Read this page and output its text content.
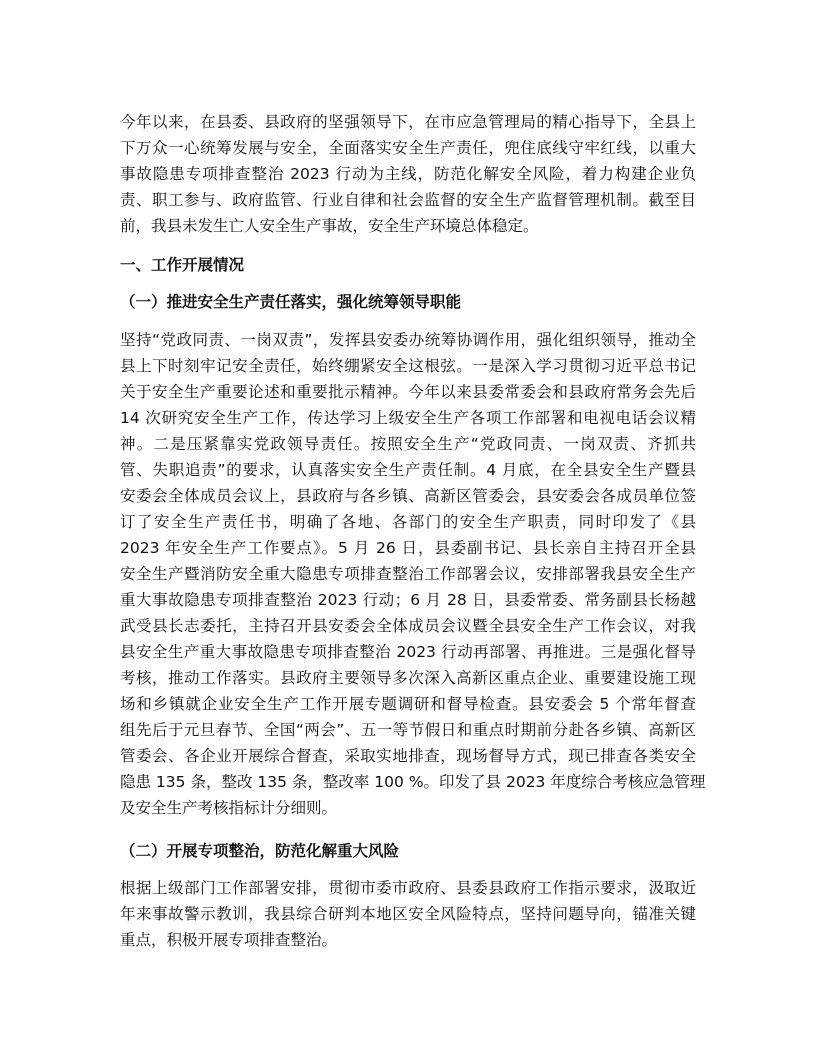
今年以来，在县委、县政府的坚强领导下，在市应急管理局的精心指导下，全县上
下万众一心统筹发展与安全，全面落实安全生产责任，兜住底线守牢红线，以重大
事故隐患专项排查整治 2023 行动为主线，防范化解安全风险，着力构建企业负
责、职工参与、政府监管、行业自律和社会监督的安全生产监督管理机制。截至目
前，我县未发生亡人安全生产事故，安全生产环境总体稳定。
一、工作开展情况
（一）推进安全生产责任落实，强化统筹领导职能
坚持“党政同责、一岗双责”，发挥县安委办统筹协调作用，强化组织领导，推动全
县上下时刻牢记安全责任，始终绷紧安全这根弦。一是深入学习贯彻习近平总书记
关于安全生产重要论述和重要批示精神。今年以来县委常委会和县政府常务会先后
14 次研究安全生产工作，传达学习上级安全生产各项工作部署和电视电话会议精
神。二是压紧靠实党政领导责任。按照安全生产“党政同责、一岗双责、齐抓共
管、失职追责”的要求，认真落实安全生产责任制。4 月底，在全县安全生产暨县
安委会全体成员会议上，县政府与各乡镇、高新区管委会，县安委会各成员单位签
订了安全生产责任书，明确了各地、各部门的安全生产职责，同时印发了《县
2023 年安全生产工作要点》。5 月 26 日，县委副书记、县长亲自主持召开全县
安全生产暨消防安全重大隐患专项排查整治工作部署会议，安排部署我县安全生产
重大事故隐患专项排查整治 2023 行动；6 月 28 日，县委常委、常务副县长杨越
武受县长志委托，主持召开县安委会全体成员会议暨全县安全生产工作会议，对我
县安全生产重大事故隐患专项排查整治 2023 行动再部署、再推进。三是强化督导
考核，推动工作落实。县政府主要领导多次深入高新区重点企业、重要建设施工现
场和乡镇就企业安全生产工作开展专题调研和督导检查。县安委会 5 个常年督查
组先后于元旦春节、全国“两会”、五一等节假日和重点时期前分赴各乡镇、高新区
管委会、各企业开展综合督查，采取实地排查，现场督导方式，现已排查各类安全
隐患 135 条，整改 135 条，整改率 100 %。印发了县 2023 年度综合考核应急管理
及安全生产考核指标计分细则。
（二）开展专项整治，防范化解重大风险
根据上级部门工作部署安排，贯彻市委市政府、县委县政府工作指示要求，汲取近
年来事故警示教训，我县综合研判本地区安全风险特点，坚持问题导向，锚准关键
重点，积极开展专项排查整治。
